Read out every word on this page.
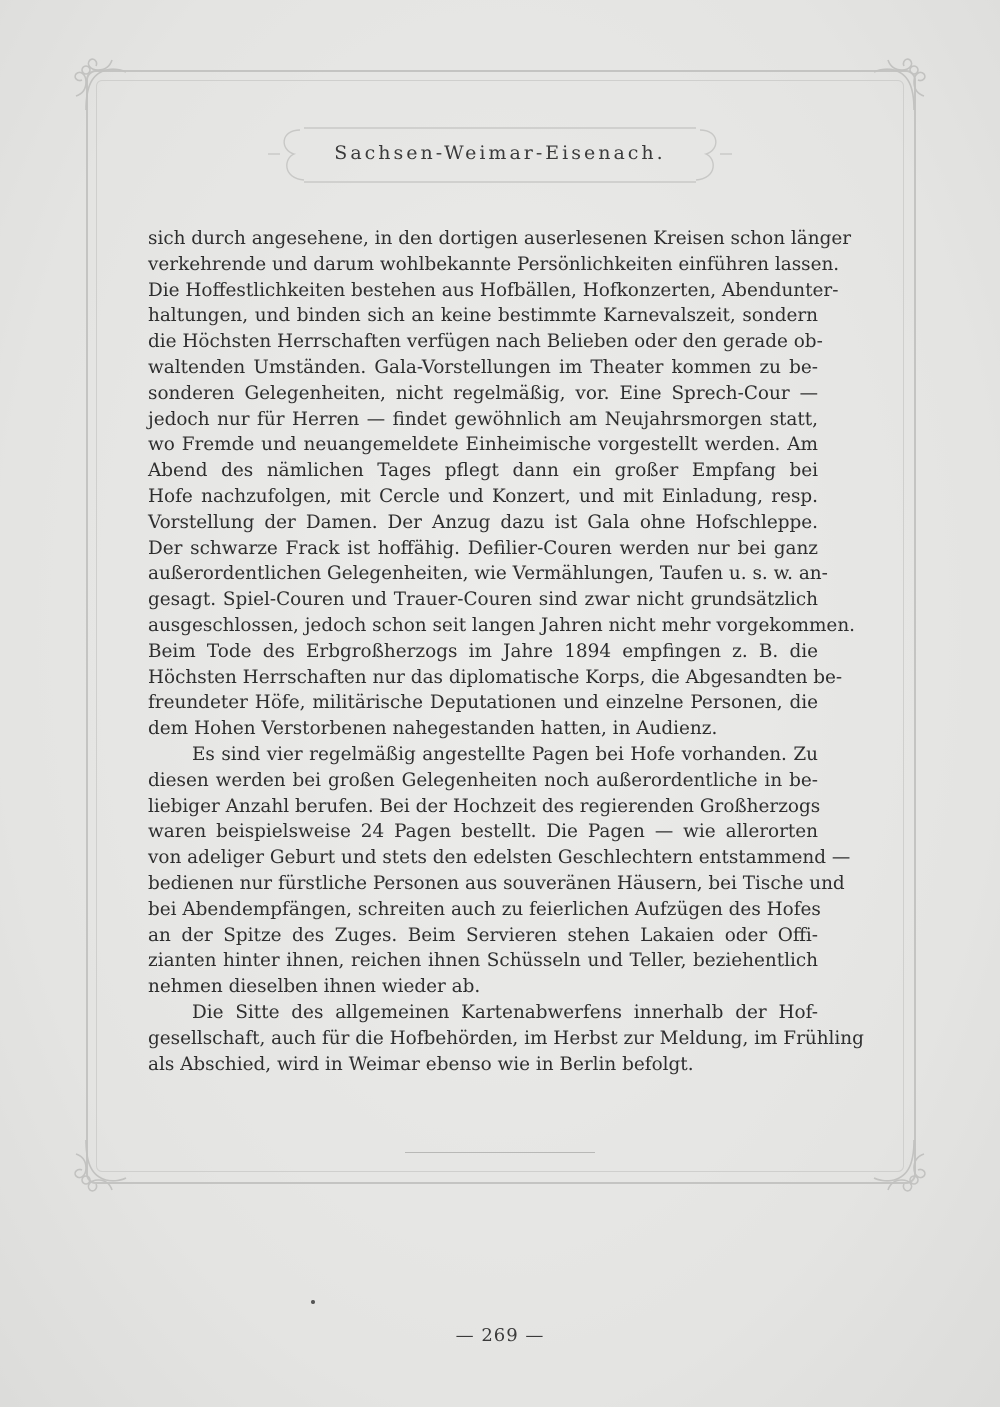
Sachsen-Weimar-Eisenach.
sich durch angesehene, in den dortigen auserlesenen Kreisen schon länger
verkehrende und darum wohlbekannte Persönlichkeiten einführen lassen.
Die Hoffestlichkeiten bestehen aus Hofbällen, Hofkonzerten, Abendunter-
haltungen, und binden sich an keine bestimmte Karnevalszeit, sondern
die Höchsten Herrschaften verfügen nach Belieben oder den gerade ob-
waltenden Umständen. Gala-Vorstellungen im Theater kommen zu be-
sonderen Gelegenheiten, nicht regelmäßig, vor. Eine Sprech-Cour —
jedoch nur für Herren — findet gewöhnlich am Neujahrsmorgen statt,
wo Fremde und neuangemeldete Einheimische vorgestellt werden. Am
Abend des nämlichen Tages pflegt dann ein großer Empfang bei
Hofe nachzufolgen, mit Cercle und Konzert, und mit Einladung, resp.
Vorstellung der Damen. Der Anzug dazu ist Gala ohne Hofschleppe.
Der schwarze Frack ist hoffähig. Defilier-Couren werden nur bei ganz
außerordentlichen Gelegenheiten, wie Vermählungen, Taufen u. s. w. an-
gesagt. Spiel-Couren und Trauer-Couren sind zwar nicht grundsätzlich
ausgeschlossen, jedoch schon seit langen Jahren nicht mehr vorgekommen.
Beim Tode des Erbgroßherzogs im Jahre 1894 empfingen z. B. die
Höchsten Herrschaften nur das diplomatische Korps, die Abgesandten be-
freundeter Höfe, militärische Deputationen und einzelne Personen, die
dem Hohen Verstorbenen nahegestanden hatten, in Audienz.
Es sind vier regelmäßig angestellte Pagen bei Hofe vorhanden. Zu
diesen werden bei großen Gelegenheiten noch außerordentliche in be-
liebiger Anzahl berufen. Bei der Hochzeit des regierenden Großherzogs
waren beispielsweise 24 Pagen bestellt. Die Pagen — wie allerorten
von adeliger Geburt und stets den edelsten Geschlechtern entstammend —
bedienen nur fürstliche Personen aus souveränen Häusern, bei Tische und
bei Abendempfängen, schreiten auch zu feierlichen Aufzügen des Hofes
an der Spitze des Zuges. Beim Servieren stehen Lakaien oder Offi-
zianten hinter ihnen, reichen ihnen Schüsseln und Teller, beziehentlich
nehmen dieselben ihnen wieder ab.
Die Sitte des allgemeinen Kartenabwerfens innerhalb der Hof-
gesellschaft, auch für die Hofbehörden, im Herbst zur Meldung, im Frühling
als Abschied, wird in Weimar ebenso wie in Berlin befolgt.
— 269 —
